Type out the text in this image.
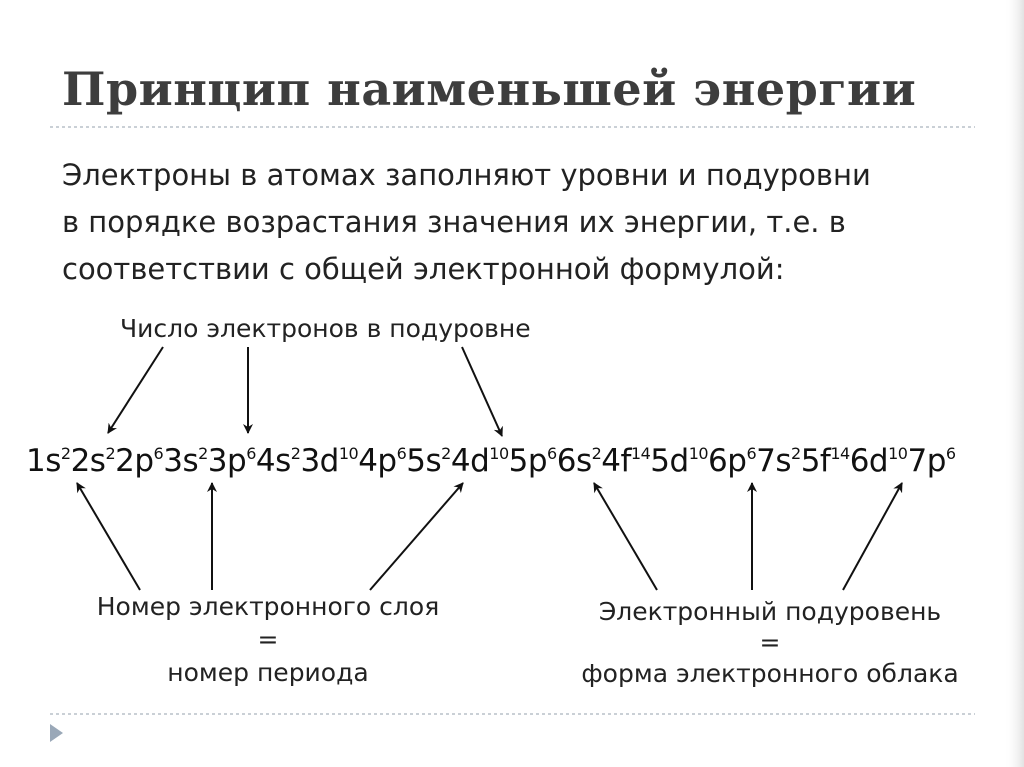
Принцип наименьшей энергии
Электроны в атомах заполняют уровни и подуровни
в порядке возрастания значения их энергии, т.е. в
соответствии с общей электронной формулой:
Число электронов в подуровне
$1s^22s^22p^63s^23p^64s^23d^{10}4p^65s^24d^{10}5p^66s^24f^{14}5d^{10}6p^67s^25f^{14}6d^{10}7p^6$
Номер электронного слоя
=
номер периода
Электронный подуровень
=
форма электронного облака
